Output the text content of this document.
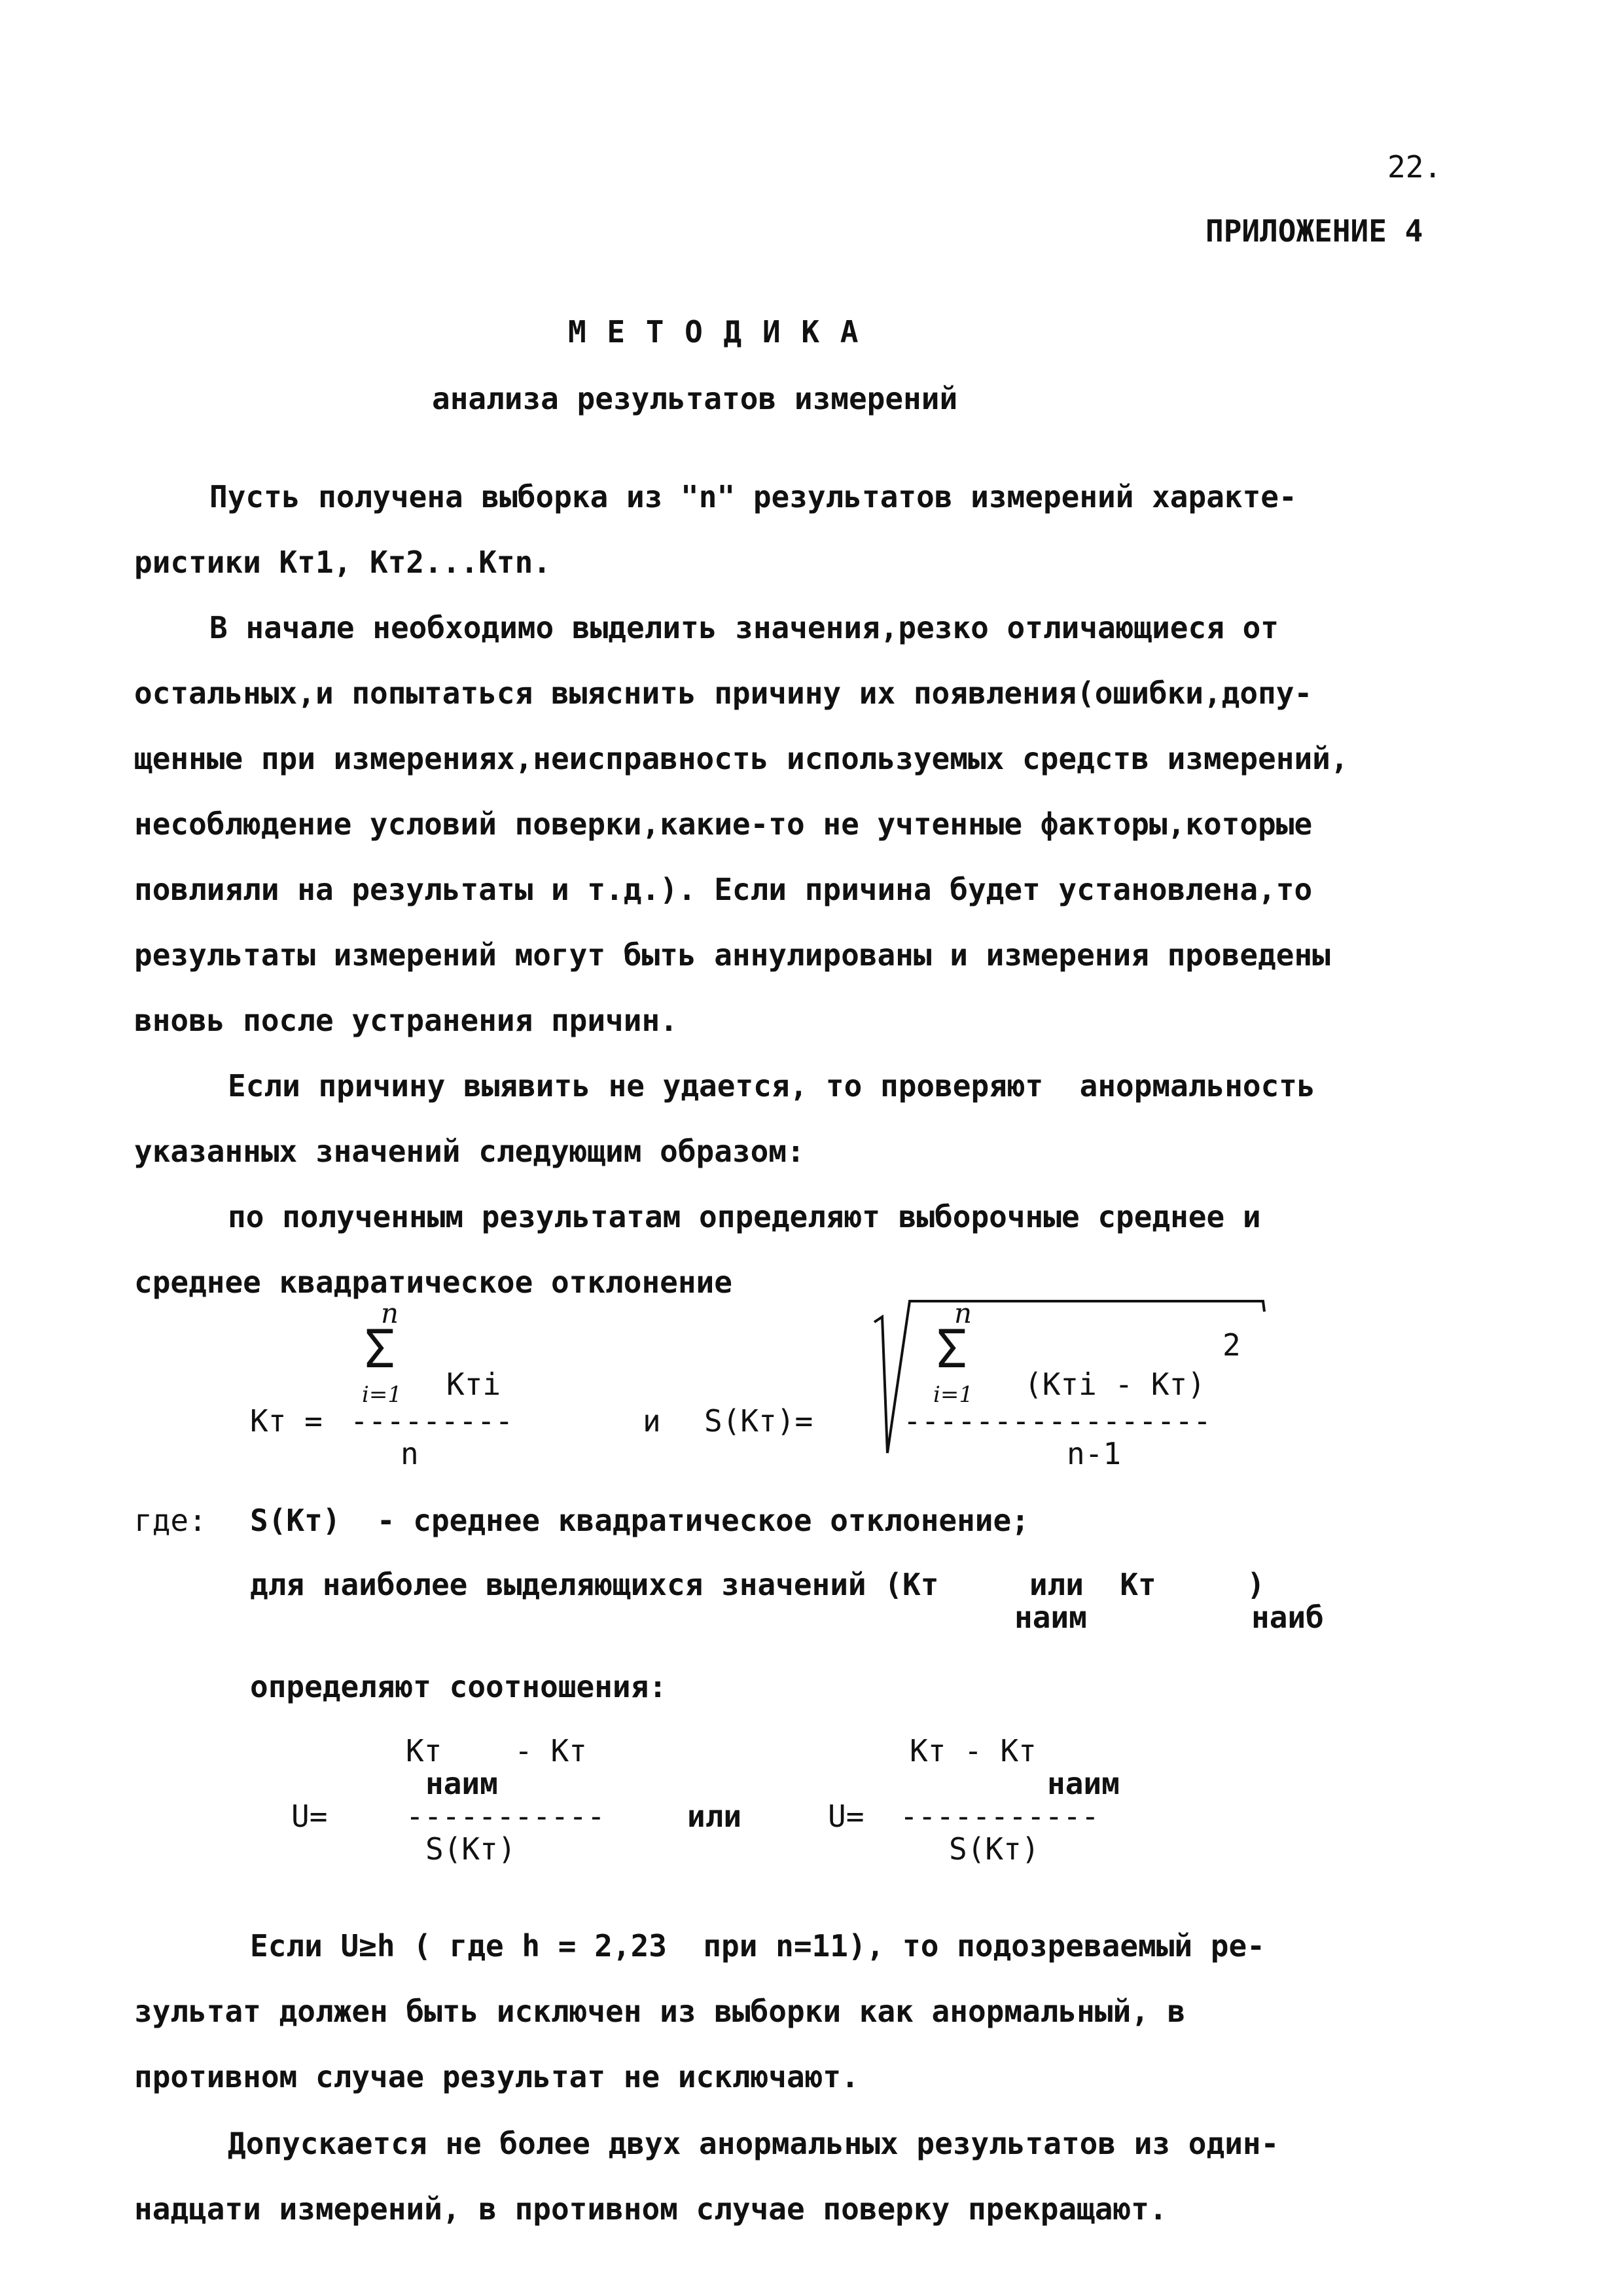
22.
ПРИЛОЖЕНИЕ 4
М Е Т О Д И К А
анализа результатов измерений
Пусть получена выборка из "n" результатов измерений характе-
ристики Кт1, Кт2...Ктn.
В начале необходимо выделить значения,резко отличающиеся от
остальных,и попытаться выяснить причину их появления(ошибки,допу-
щенные при измерениях,неисправность используемых средств измерений,
несоблюдение условий поверки,какие-то не учтенные факторы,которые
повлияли на результаты и т.д.). Если причина будет установлена,то
результаты измерений могут быть аннулированы и измерения проведены
вновь после устранения причин.
Если причину выявить не удается, то проверяют  анормальность
указанных значений следующим образом:
по полученным результатам определяют выборочные среднее и
среднее квадратическое отклонение
n
Σ
i=1 Кті
Кт = ---------
n
и S(Кт)=
n
Σ
i=1 (Кті - Кт)
2
-----------------
n-1
где: S(Кт)  - среднее квадратическое отклонение;
для наиболее выделяющихся значений (Кт     или  Кт     )
наим	наиб
определяют соотношения:
Кт    - Кт
наим
U=	-----------
S(Кт)
или
Кт - Кт
наим
U= -----------
S(Кт)
Если U≥h ( где h = 2,23  при n=11), то подозреваемый ре-
зультат должен быть исключен из выборки как анормальный, в
противном случае результат не исключают.
Допускается не более двух анормальных результатов из один-
надцати измерений, в противном случае поверку прекращают.
